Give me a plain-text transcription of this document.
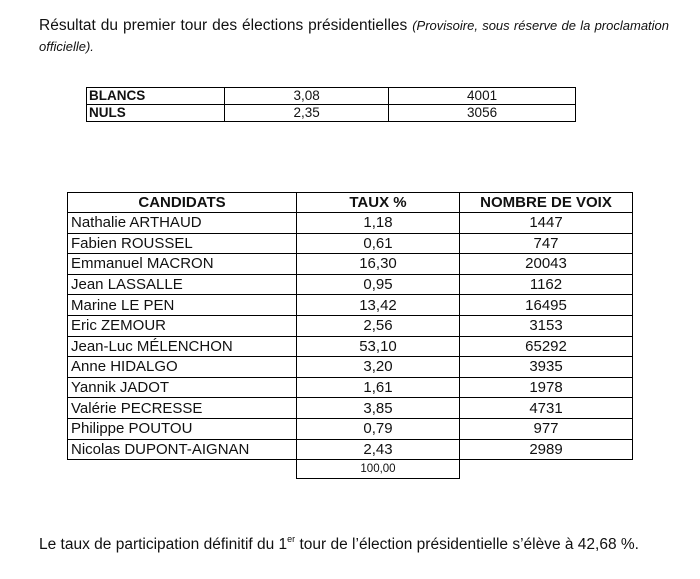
Résultat du premier tour des élections présidentielles (Provisoire, sous réserve de la proclamation officielle).
BLANCS	3,08	4001
NULS	2,35	3056
CANDIDATS	TAUX %	NOMBRE DE VOIX
Nathalie ARTHAUD	1,18	1447
Fabien ROUSSEL	0,61	747
Emmanuel MACRON	16,30	20043
Jean LASSALLE	0,95	1162
Marine LE PEN	13,42	16495
Eric ZEMOUR	2,56	3153
Jean-Luc MÉLENCHON	53,10	65292
Anne HIDALGO	3,20	3935
Yannik JADOT	1,61	1978
Valérie PECRESSE	3,85	4731
Philippe POUTOU	0,79	977
Nicolas DUPONT-AIGNAN	2,43	2989
	100,00	
Le taux de participation définitif du 1er tour de l’élection présidentielle s’élève à 42,68 %.
